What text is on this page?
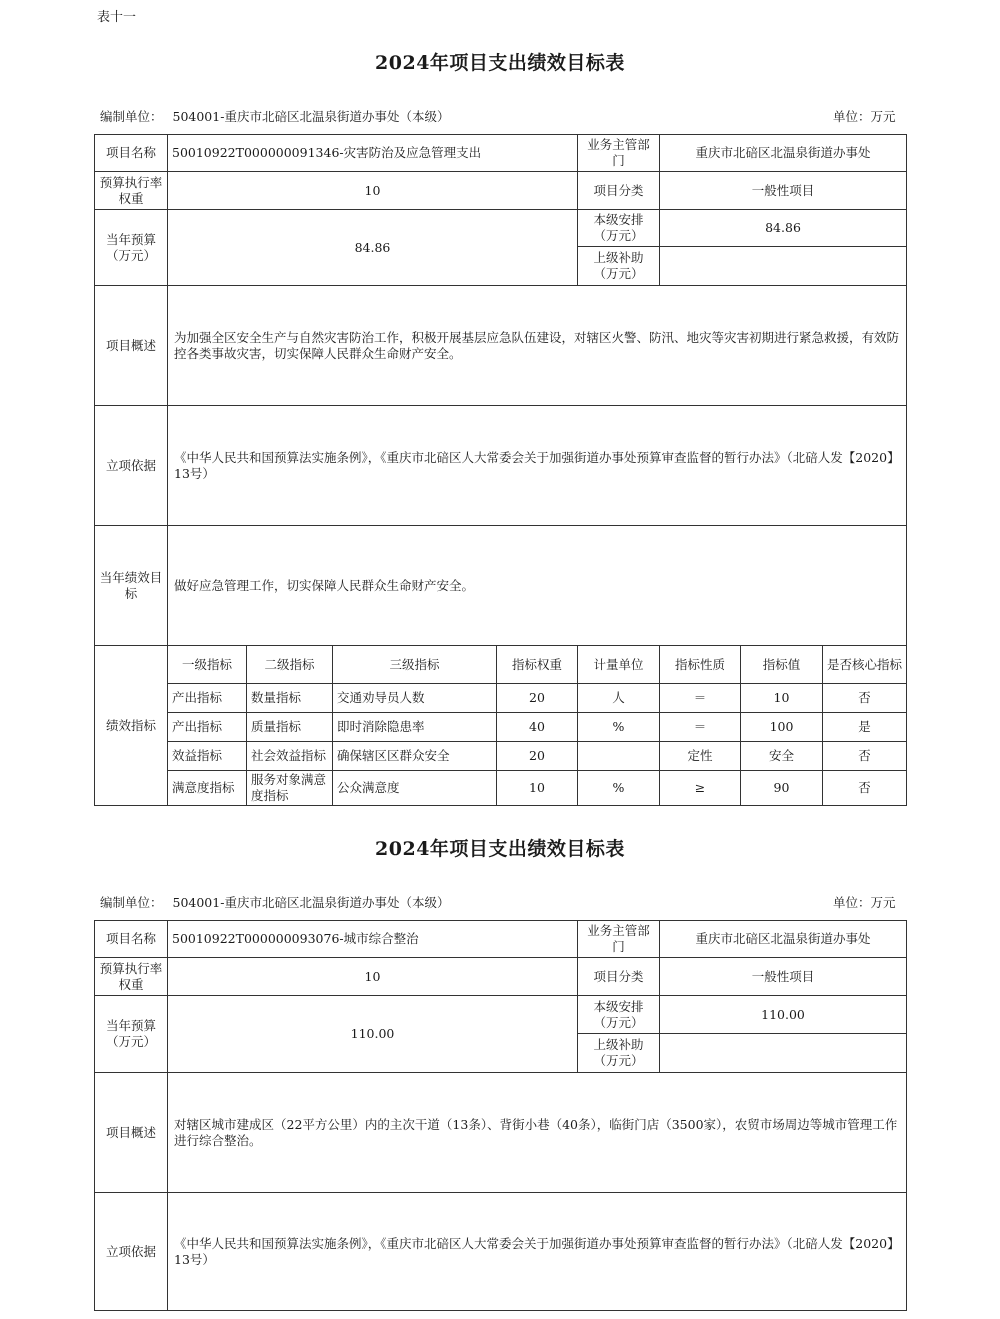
表十一
2024年项目支出绩效目标表
编制单位： 504001-重庆市北碚区北温泉街道办事处（本级）	单位：万元
项目名称	50010922T000000091346-灾害防治及应急管理支出				业务主管部门	重庆市北碚区北温泉街道办事处		
预算执行率权重	10				项目分类	一般性项目		
当年预算（万元）	84.86				本级安排（万元）	84.86		
					上级补助（万元）			
项目概述	为加强全区安全生产与自然灾害防治工作，积极开展基层应急队伍建设，对辖区火警、防汛、地灾等灾害初期进行紧急救援，有效防控各类事故灾害，切实保障人民群众生命财产安全。							
立项依据	《中华人民共和国预算法实施条例》，《重庆市北碚区人大常委会关于加强街道办事处预算审查监督的暂行办法》（北碚人发【2020】13号）							
当年绩效目标	做好应急管理工作，切实保障人民群众生命财产安全。							
绩效指标	一级指标	二级指标	三级指标	指标权重	计量单位	指标性质	指标值	是否核心指标
	产出指标	数量指标	交通劝导员人数	20	人	＝	10	否
	产出指标	质量指标	即时消除隐患率	40	%	＝	100	是
	效益指标	社会效益指标	确保辖区区群众安全	20		定性	安全	否
	满意度指标	服务对象满意度指标	公众满意度	10	%	≥	90	否
2024年项目支出绩效目标表
编制单位： 504001-重庆市北碚区北温泉街道办事处（本级）	单位：万元
项目名称	50010922T000000093076-城市综合整治	业务主管部门	重庆市北碚区北温泉街道办事处
预算执行率权重	10	项目分类	一般性项目
当年预算（万元）	110.00	本级安排（万元）	110.00
		上级补助（万元）	
项目概述	对辖区城市建成区（22平方公里）内的主次干道（13条）、背街小巷（40条），临街门店（3500家），农贸市场周边等城市管理工作进行综合整治。		
立项依据	《中华人民共和国预算法实施条例》，《重庆市北碚区人大常委会关于加强街道办事处预算审查监督的暂行办法》（北碚人发【2020】13号）		
